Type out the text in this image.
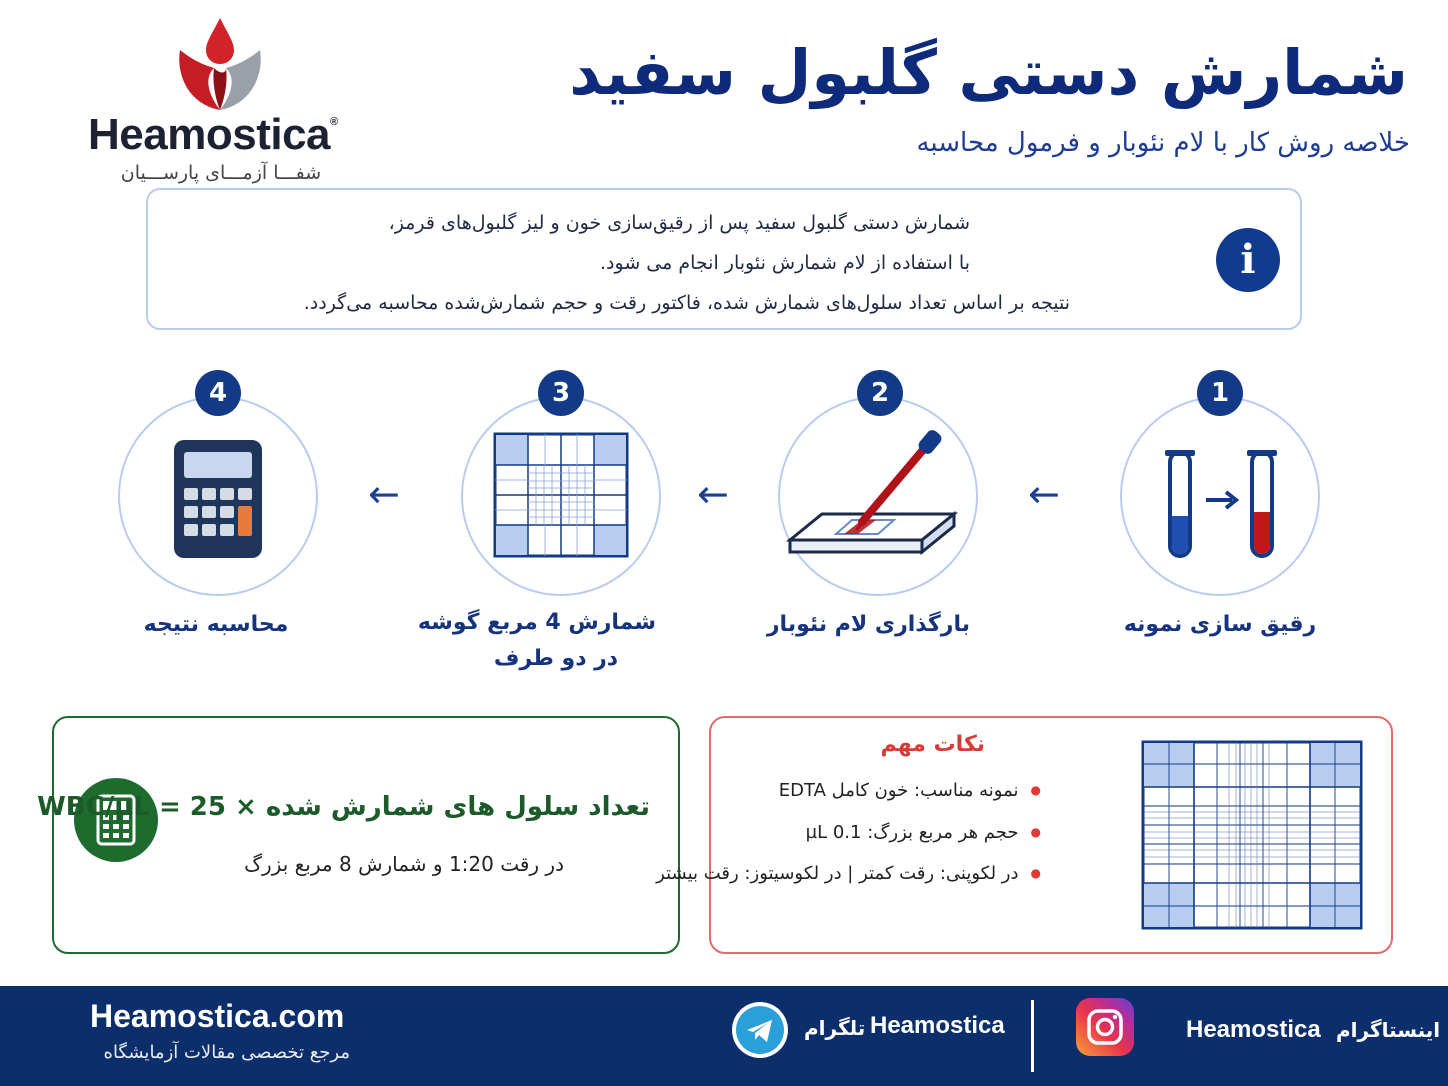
Heamostica®
شفـــا آزمـــای پارســـیان
شمارش دستی گلبول سفید
خلاصه روش کار با لام نئوبار و فرمول محاسبه
i
شمارش دستی گلبول سفید پس از رقیق‌سازی خون و لیز گلبول‌های قرمز،
با استفاده از لام شمارش نئوبار انجام می شود.
نتیجه بر اساس تعداد سلول‌های شمارش شده، فاکتور رقت و حجم شمارش‌شده محاسبه می‌گردد.
1
رقیق سازی نمونه
2
بارگذاری لام نئوبار
3
شمارش 4 مربع گوشه
در دو طرف
4
محاسبه نتیجه
←
←
←
WBC/µL = تعداد سلول های شمارش شده × 25
در رقت 1:20 و شمارش 8 مربع بزرگ
نکات مهم
● نمونه مناسب: خون کامل EDTA
● حجم هر مربع بزرگ: 0.1 µL
● در لکوپنی: رقت کمتر | در لکوسیتوز: رقت بیشتر
Heamostica.com
مرجع تخصصی مقالات آزمایشگاه
تلگرام Heamostica	Heamostica اینستاگرام
